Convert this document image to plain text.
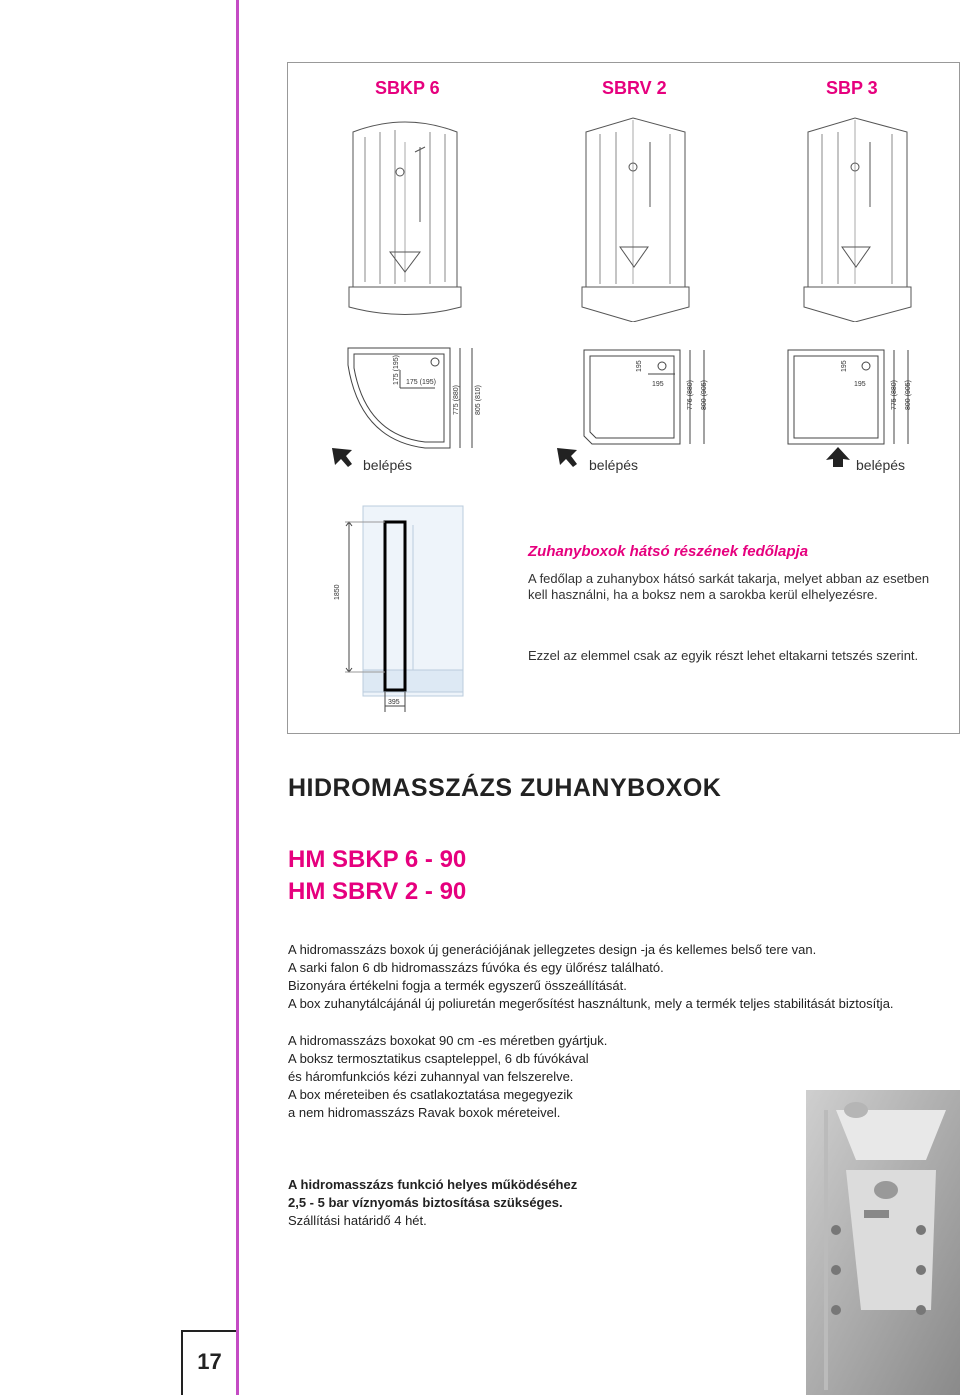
SBKP 6	SBRV 2	SBP 3
175 (195) 175 (195)
775 (880) 805 (810)
195
195	776 (880) 800 (905)
195
195	775 (880) 800 (905)
belépés	belépés	belépés
1850
395
Zuhanyboxok hátsó részének fedőlapja
A fedőlap a zuhanybox hátsó sarkát takarja, melyet abban az esetben kell használni, ha a boksz nem a sarokba kerül elhelyezésre.
Ezzel az elemmel csak az egyik részt lehet eltakarni tetszés szerint.
HIDROMASSZÁZS ZUHANYBOXOK
HM SBKP 6 - 90
HM SBRV 2 - 90
A hidromasszázs boxok új generációjának jellegzetes design -ja és kellemes belső tere van.
A sarki falon 6 db hidromasszázs fúvóka és egy ülőrész található.
Bizonyára értékelni fogja a termék egyszerű összeállítását.
A box zuhanytálcájánál új poliuretán megerősítést használtunk, mely a termék teljes stabilitását biztosítja.
A hidromasszázs boxokat 90 cm -es méretben gyártjuk.
A boksz termosztatikus csapteleppel, 6 db fúvókával
és háromfunkciós kézi zuhannyal van felszerelve.
A box méreteiben és csatlakoztatása megegyezik
a nem hidromasszázs Ravak boxok méreteivel.
A hidromasszázs funkció helyes működéséhez
2,5 - 5 bar víznyomás biztosítása szükséges.
Szállítási határidő 4 hét.
17
